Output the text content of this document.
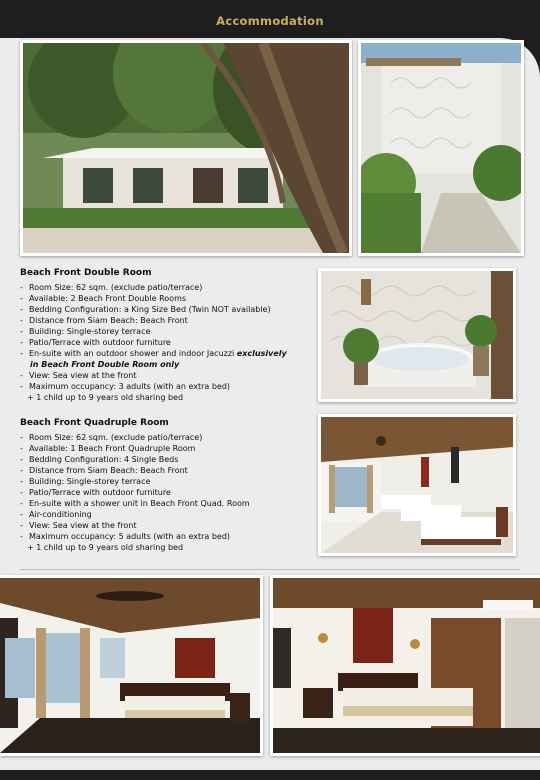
Accommodation
Beach Front Double Room
- Room Size: 62 sqm. (exclude patio/terrace)
- Available: 2 Beach Front Double Rooms
- Bedding Configuration: a King Size Bed (Twin NOT available)
- Distance from Siam Beach: Beach Front
- Building: Single-storey terrace
- Patio/Terrace with outdoor furniture
- En-suite with an outdoor shower and indoor Jacuzzi exclusively
in Beach Front Double Room only
- View: Sea view at the front
- Maximum occupancy: 3 adults (with an extra bed)
+ 1 child up to 9 years old sharing bed
Beach Front Quadruple Room
- Room Size: 62 sqm. (exclude patio/terrace)
- Available: 1 Beach Front Quadruple Room
- Bedding Configuration: 4 Single Beds
- Distance from Siam Beach: Beach Front
- Building: Single-storey terrace
- Patio/Terrace with outdoor furniture
- En-suite with a shower unit in Beach Front Quad. Room
- Air-conditioning
- View: Sea view at the front
- Maximum occupancy: 5 adults (with an extra bed)
+ 1 child up to 9 years old sharing bed
